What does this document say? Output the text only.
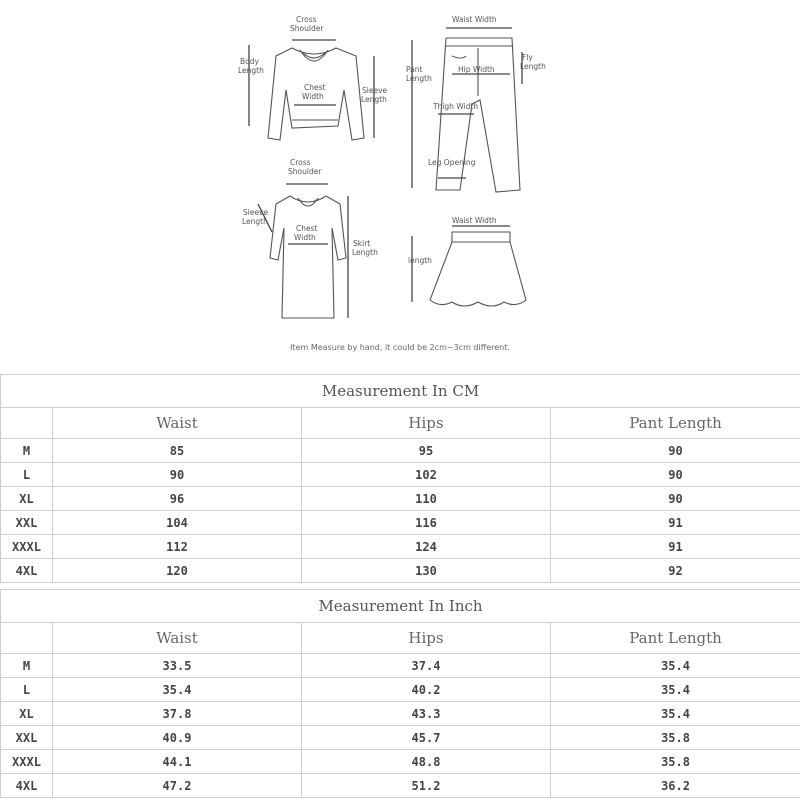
Cross Shoulder
Body Length
Chest Width
Sleeve Length
Waist Width
Pant Length
Hip Width
Fly Length
Thigh Width
Leg Opening
Cross Shoulder
Sleeve Length
Chest Width
Skirt Length
Waist Width
length
Item Measure by hand, it could be 2cm~3cm different.
Measurement In CM			
	Waist	Hips	Pant Length
M	85	95	90
L	90	102	90
XL	96	110	90
XXL	104	116	91
XXXL	112	124	91
4XL	120	130	92
Measurement In Inch			
	Waist	Hips	Pant Length
M	33.5	37.4	35.4
L	35.4	40.2	35.4
XL	37.8	43.3	35.4
XXL	40.9	45.7	35.8
XXXL	44.1	48.8	35.8
4XL	47.2	51.2	36.2
